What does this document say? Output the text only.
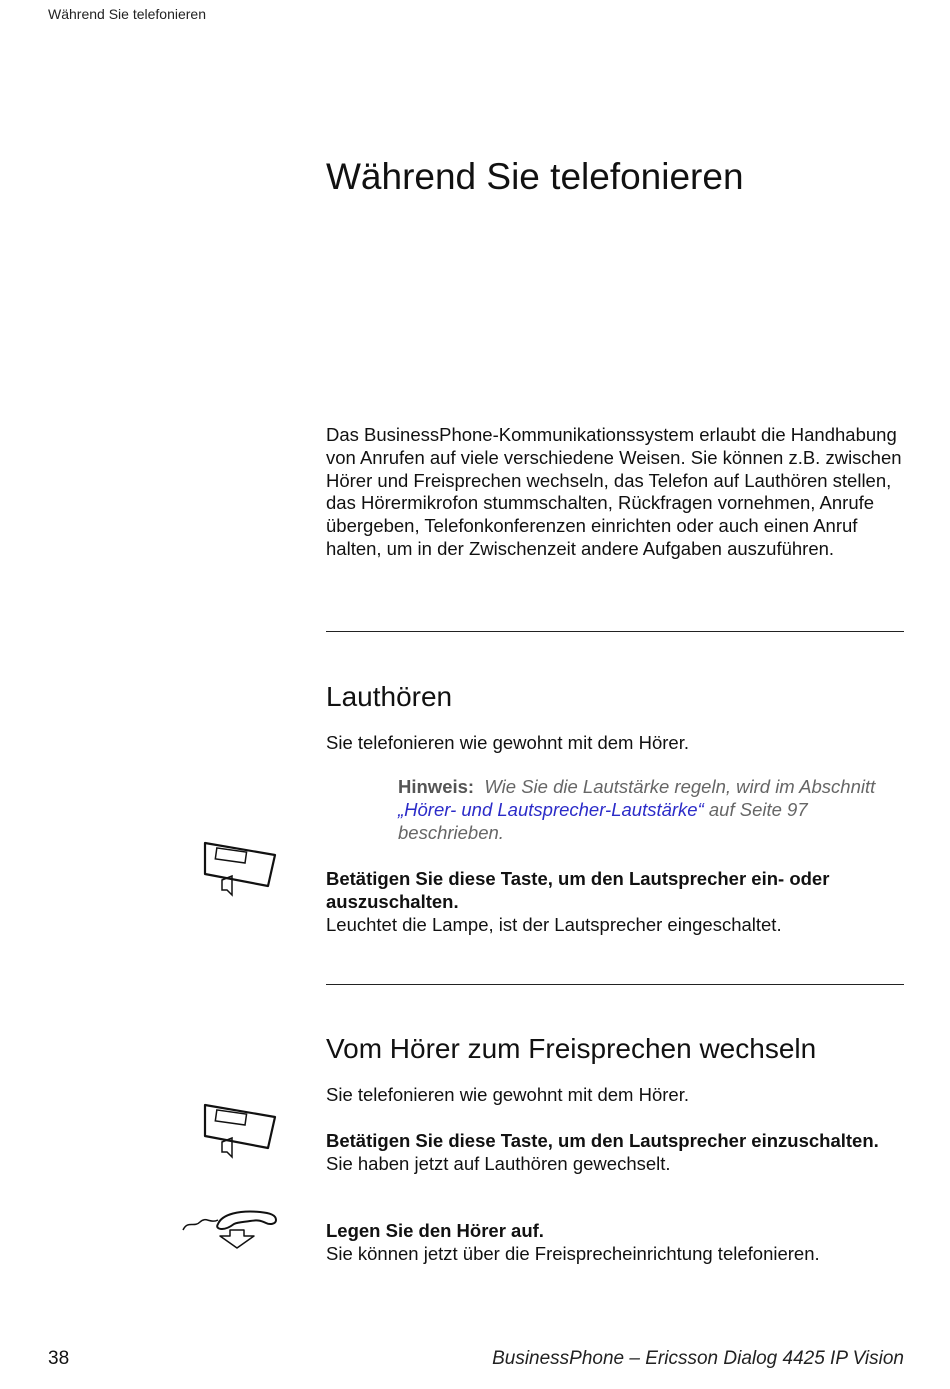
Während Sie telefonieren
Während Sie telefonieren

Das BusinessPhone-Kommunikationssystem erlaubt die Handhabung von Anrufen auf viele verschiedene Weisen. Sie können z.B. zwischen Hörer und Freisprechen wechseln, das Telefon auf Lauthören stellen, das Hörermikrofon stummschalten, Rückfragen vornehmen, Anrufe übergeben, Telefonkonferenzen einrichten oder auch einen Anruf halten, um in der Zwischenzeit andere Aufgaben auszuführen.

Lauthören

Sie telefonieren wie gewohnt mit dem Hörer.

Hinweis: Wie Sie die Lautstärke regeln, wird im Abschnitt „Hörer- und Lautsprecher-Lautstärke“ auf Seite 97 beschrieben.

Betätigen Sie diese Taste, um den Lautsprecher ein- oder auszuschalten.
Leuchtet die Lampe, ist der Lautsprecher eingeschaltet.

Vom Hörer zum Freisprechen wechseln

Sie telefonieren wie gewohnt mit dem Hörer.

Betätigen Sie diese Taste, um den Lautsprecher einzuschalten.
Sie haben jetzt auf Lauthören gewechselt.

Legen Sie den Hörer auf.
Sie können jetzt über die Freisprecheinrichtung telefonieren.

38	BusinessPhone – Ericsson Dialog 4425 IP Vision
